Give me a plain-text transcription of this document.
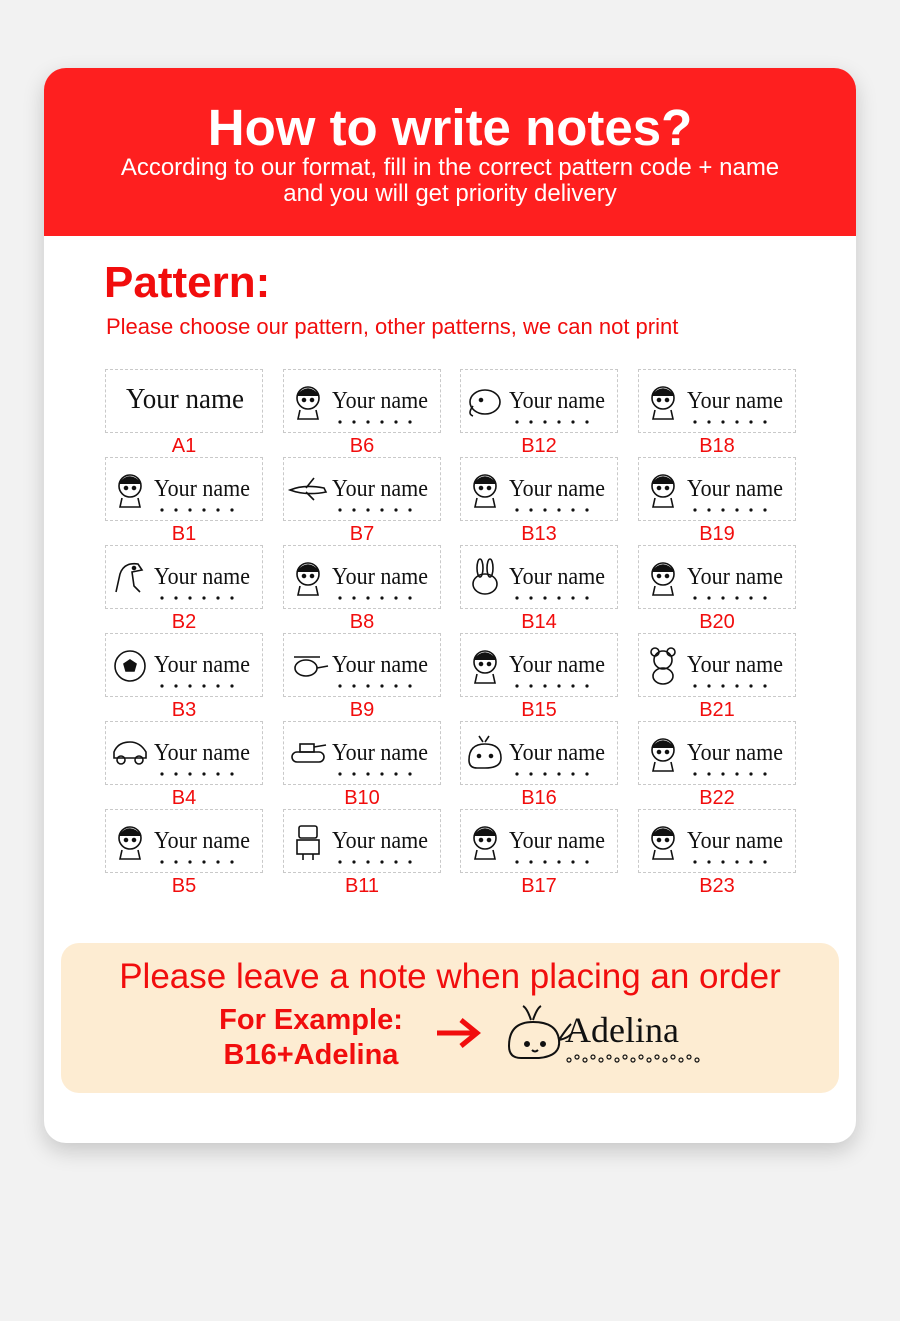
How to write notes?
According to our format, fill in the correct pattern code + name
and you will get priority delivery
Pattern:
Please choose our pattern, other patterns, we can not print
Your name
A1
Your name
B1
Your name
B2
Your name
B3
Your name
B4
Your name
B5
Your name
B6
Your name
B7
Your name
B8
Your name
B9
Your name
B10
Your name
B11
Your name
B12
Your name
B13
Your name
B14
Your name
B15
Your name
B16
Your name
B17
Your name
B18
Your name
B19
Your name
B20
Your name
B21
Your name
B22
Your name
B23
Please leave a note when placing an order
For Example:
B16+Adelina
Adelina
